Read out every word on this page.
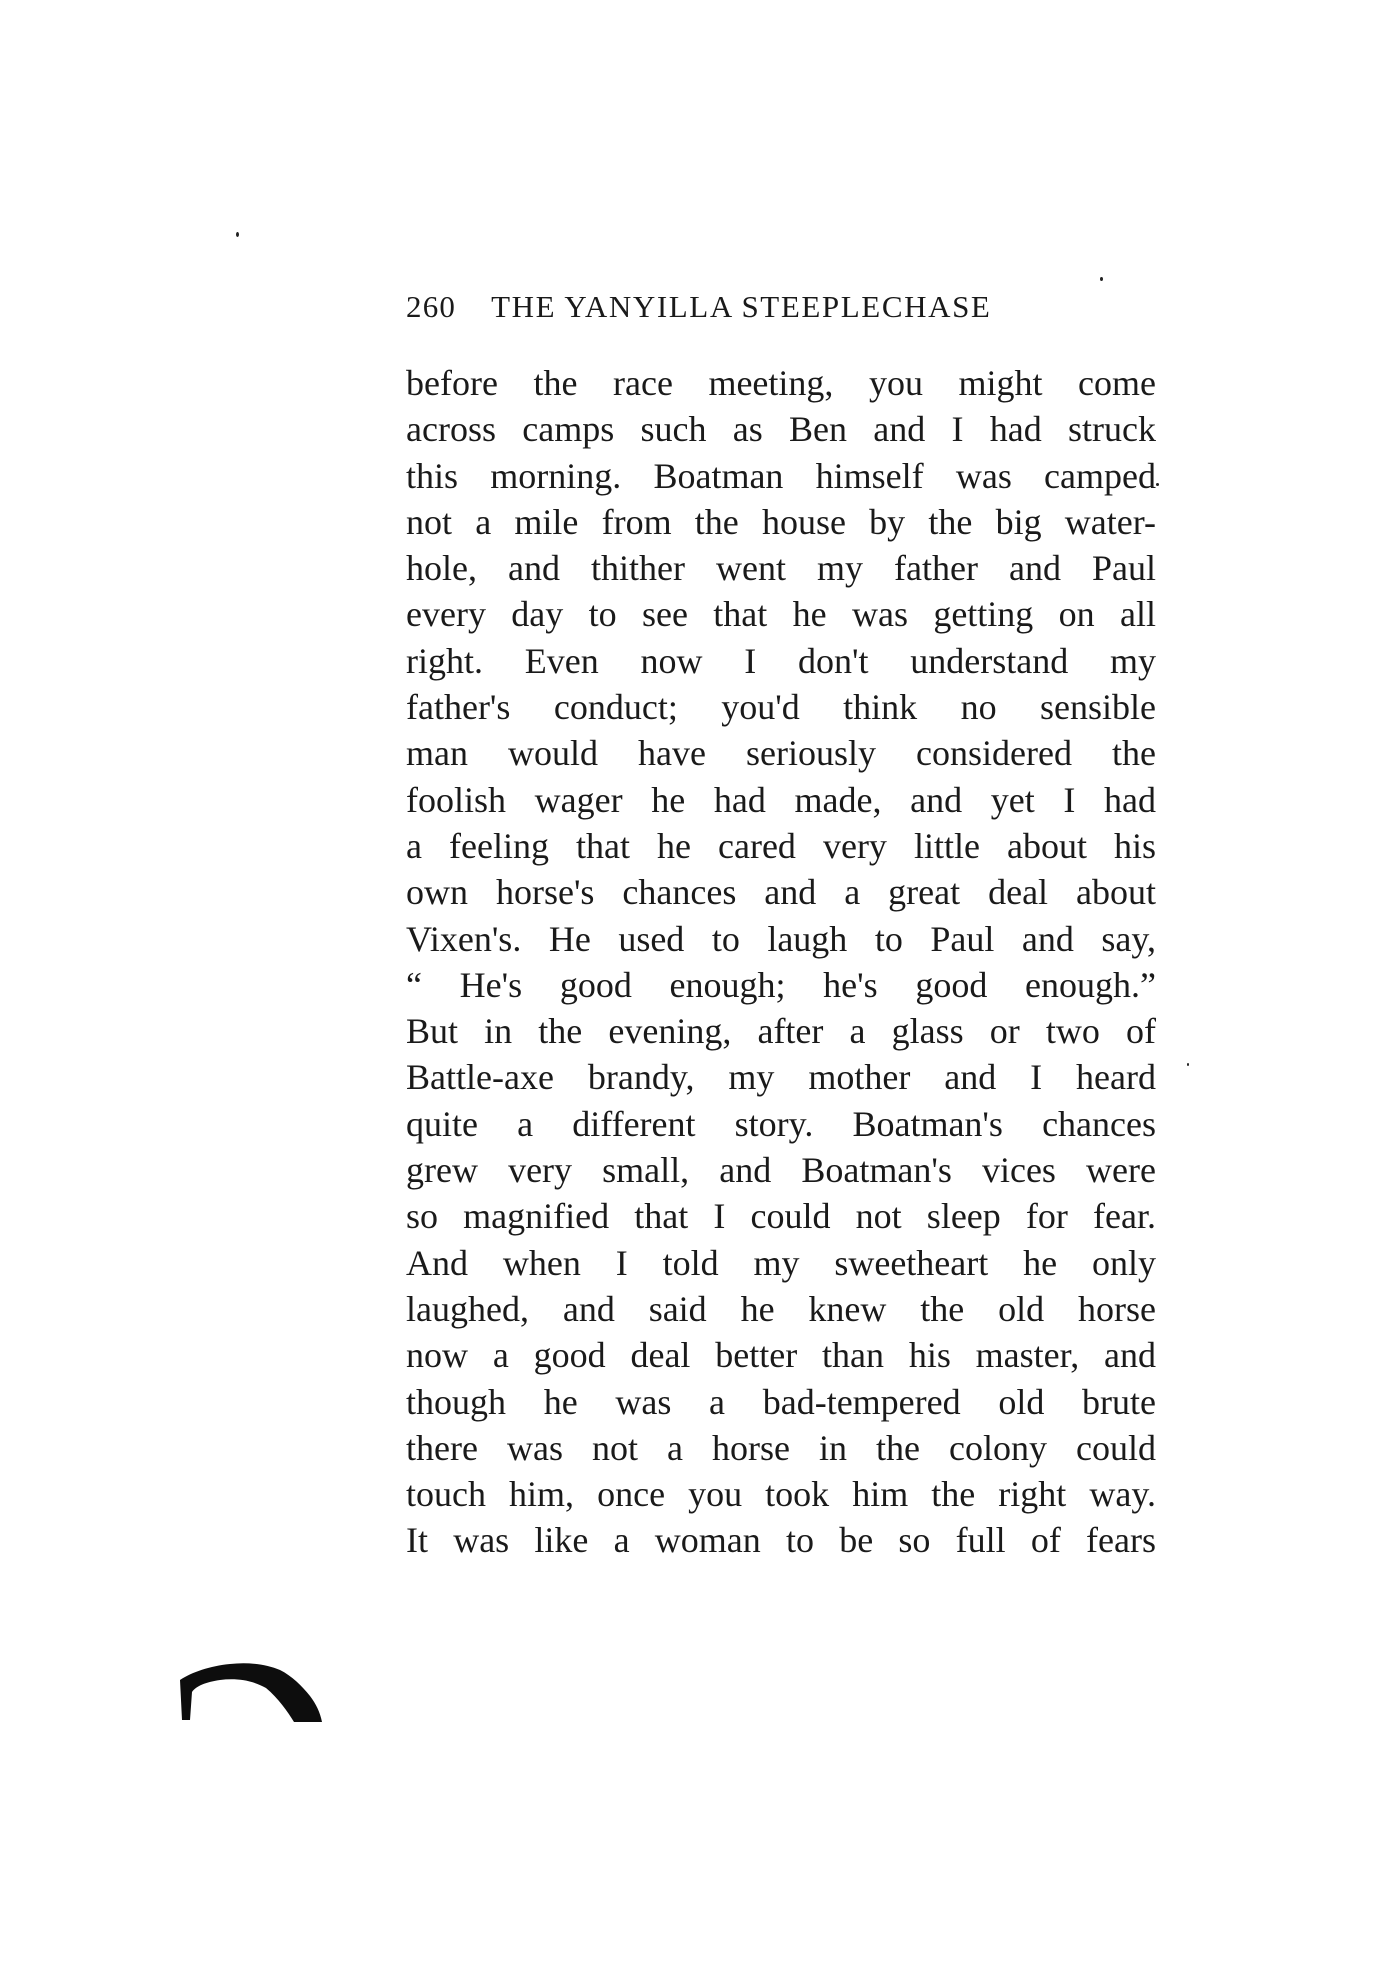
260 THE YANYILLA STEEPLECHASE
before the race meeting, you might come
across camps such as Ben and I had struck
this morning. Boatman himself was camped
not a mile from the house by the big water-
hole, and thither went my father and Paul
every day to see that he was getting on all
right. Even now I don't understand my
father's conduct; you'd think no sensible
man would have seriously considered the
foolish wager he had made, and yet I had
a feeling that he cared very little about his
own horse's chances and a great deal about
Vixen's. He used to laugh to Paul and say,
“ He's good enough; he's good enough.”
But in the evening, after a glass or two of
Battle-axe brandy, my mother and I heard
quite a different story. Boatman's chances
grew very small, and Boatman's vices were
so magnified that I could not sleep for fear.
And when I told my sweetheart he only
laughed, and said he knew the old horse
now a good deal better than his master, and
though he was a bad-tempered old brute
there was not a horse in the colony could
touch him, once you took him the right way.
It was like a woman to be so full of fears
